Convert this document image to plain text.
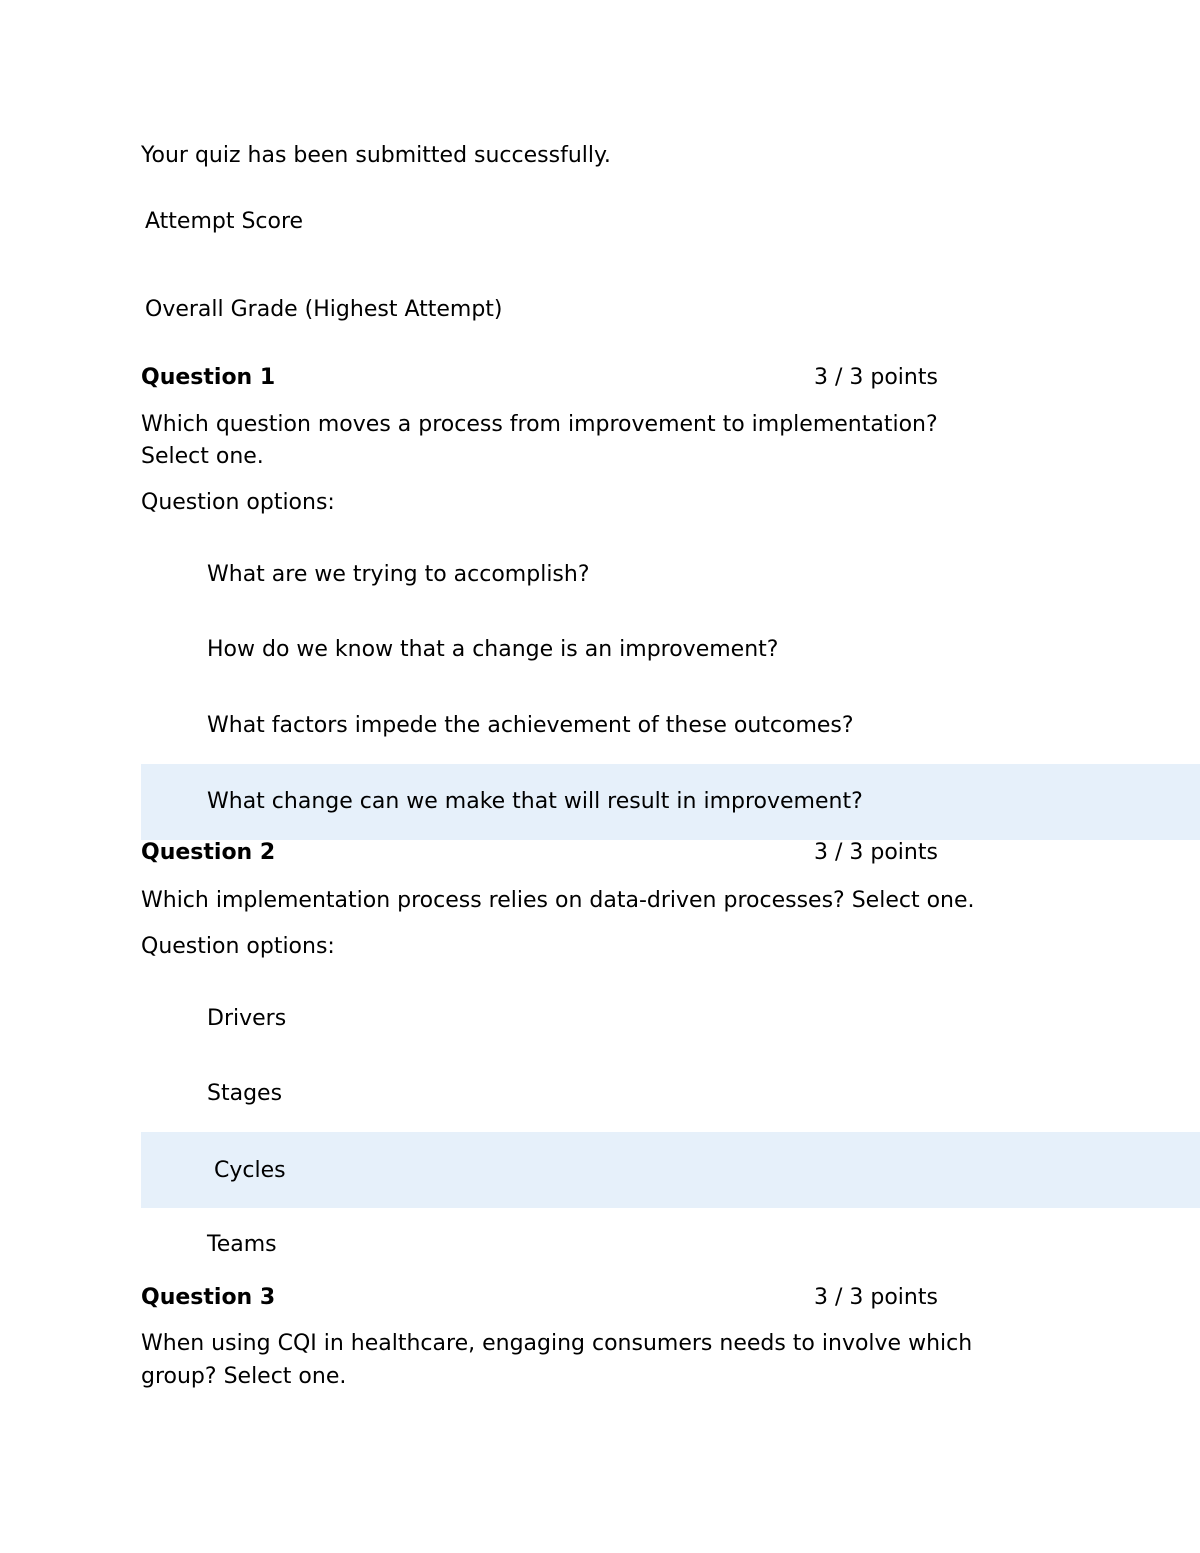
Your quiz has been submitted successfully.
Attempt Score
Overall Grade (Highest Attempt)
Question 1	3 / 3 points
Which question moves a process from improvement to implementation?
Select one.
Question options:
What are we trying to accomplish?
How do we know that a change is an improvement?
What factors impede the achievement of these outcomes?
What change can we make that will result in improvement?
Question 2	3 / 3 points
Which implementation process relies on data-driven processes? Select one.
Question options:
Drivers
Stages
Cycles
Teams
Question 3	3 / 3 points
When using CQI in healthcare, engaging consumers needs to involve which
group? Select one.
